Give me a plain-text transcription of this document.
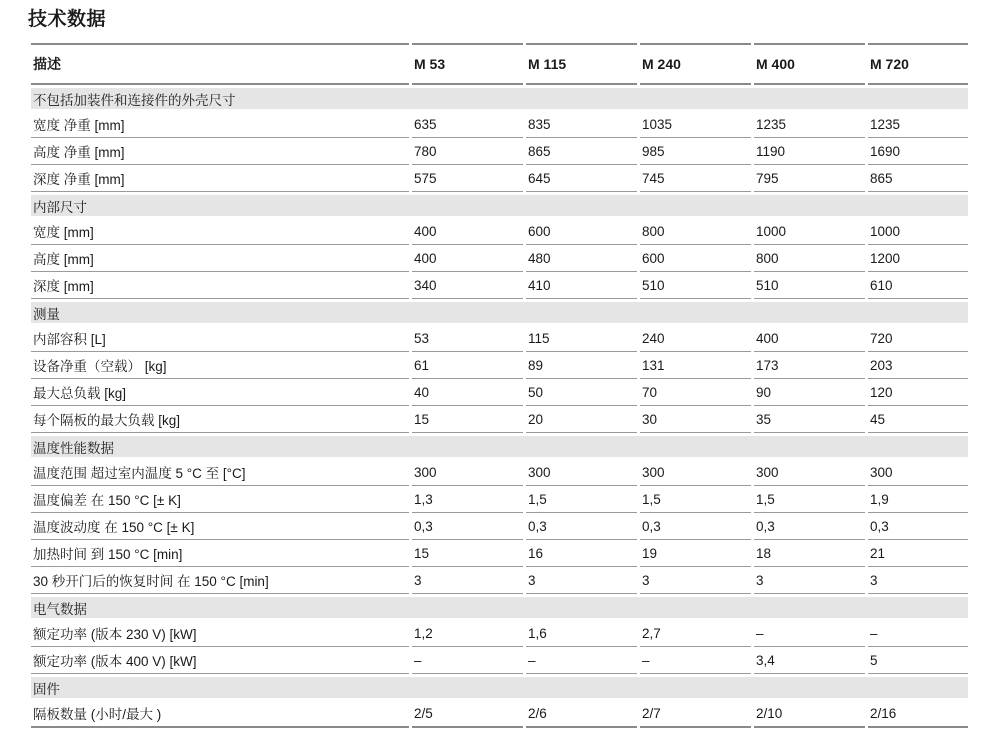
技术数据
描述	M 53	M 115	M 240	M 400	M 720
不包括加装件和连接件的外壳尺寸					
宽度 净重 [mm]	635	835	1035	1235	1235
高度 净重 [mm]	780	865	985	1190	1690
深度 净重 [mm]	575	645	745	795	865
内部尺寸					
宽度 [mm]	400	600	800	1000	1000
高度 [mm]	400	480	600	800	1200
深度 [mm]	340	410	510	510	610
测量					
内部容积 [L]	53	115	240	400	720
设备净重（空载） [kg]	61	89	131	173	203
最大总负载 [kg]	40	50	70	90	120
每个隔板的最大负载 [kg]	15	20	30	35	45
温度性能数据					
温度范围 超过室内温度 5 °C 至 [°C]	300	300	300	300	300
温度偏差 在 150 °C [± K]	1,3	1,5	1,5	1,5	1,9
温度波动度 在 150 °C [± K]	0,3	0,3	0,3	0,3	0,3
加热时间 到 150 °C [min]	15	16	19	18	21
30 秒开门后的恢复时间 在 150 °C [min]	3	3	3	3	3
电气数据					
额定功率 (版本 230 V) [kW]	1,2	1,6	2,7	–	–
额定功率 (版本 400 V) [kW]	–	–	–	3,4	5
固件					
隔板数量 (小时/最大 )	2/5	2/6	2/7	2/10	2/16
